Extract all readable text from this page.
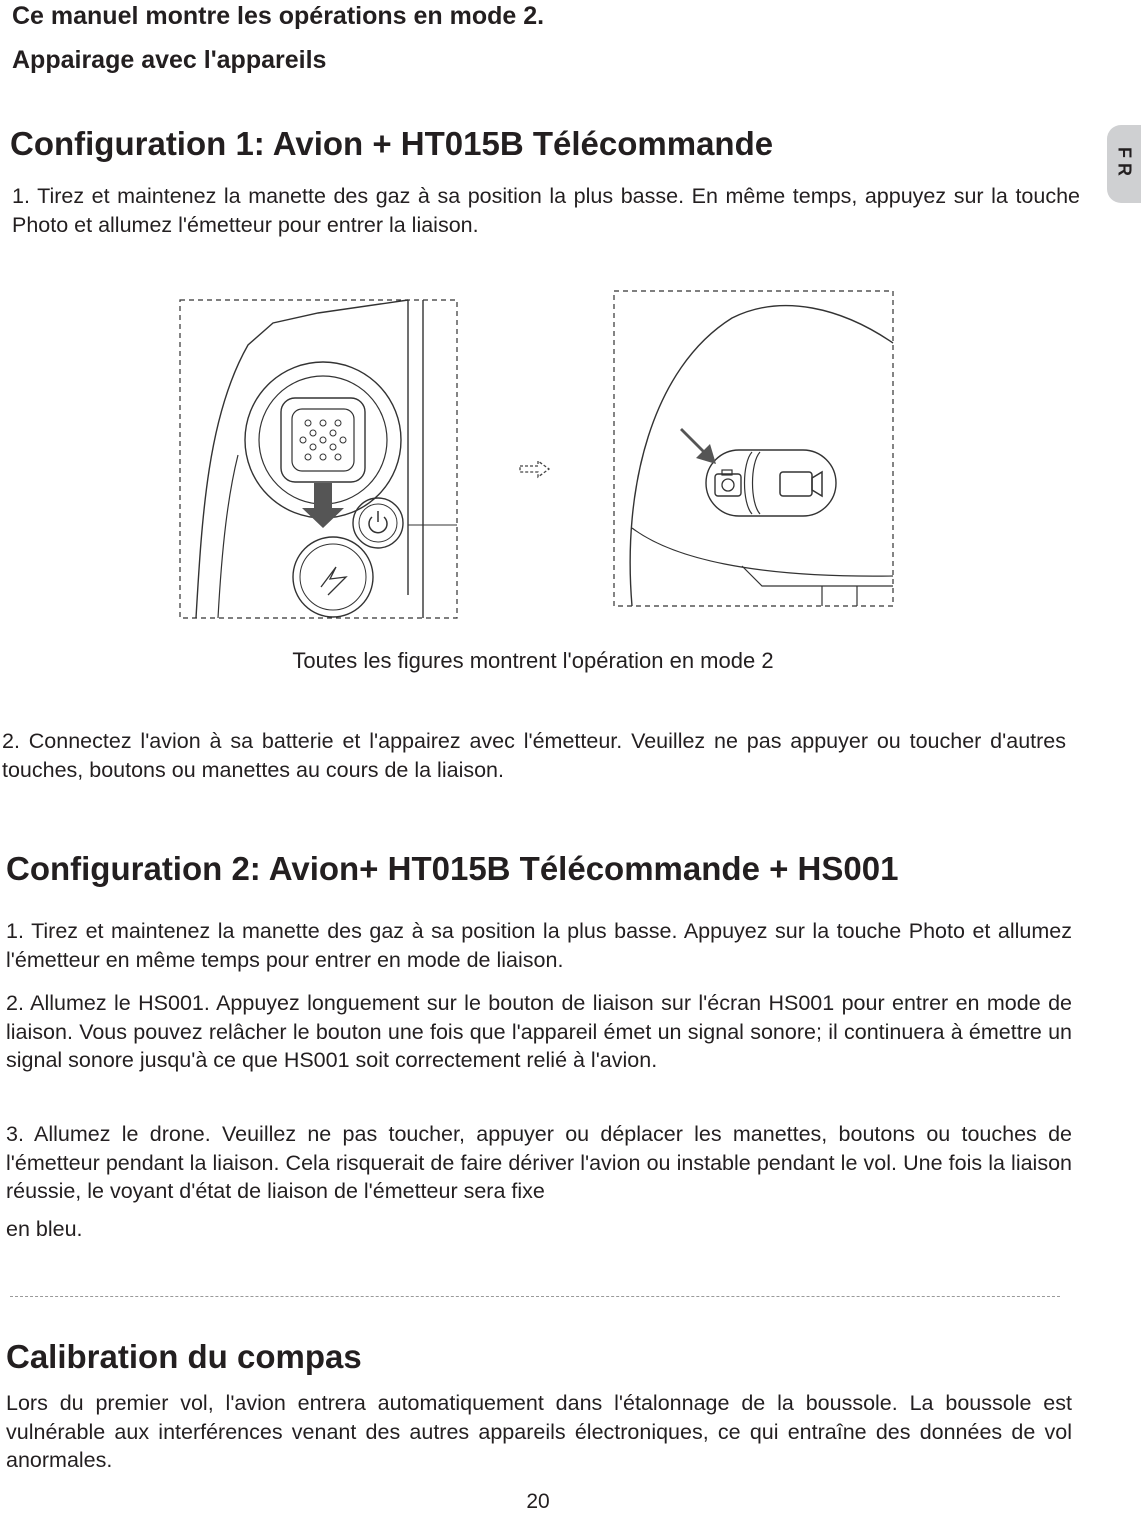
FR

Ce manuel montre les opérations en mode 2.

Appairage avec l'appareils

Configuration 1: Avion + HT015B Télécommande

1. Tirez et maintenez la manette des gaz à sa position la plus basse. En même temps, appuyez sur la touche Photo et allumez l'émetteur pour entrer la liaison.

Toutes les figures montrent l'opération en mode 2

2. Connectez l'avion à sa batterie et l'appairez avec l'émetteur. Veuillez ne pas appuyer ou toucher d'autres touches, boutons ou manettes au cours de la liaison.

Configuration 2: Avion+ HT015B Télécommande + HS001

1. Tirez et maintenez la manette des gaz à sa position la plus basse. Appuyez sur la touche Photo et allumez l'émetteur en même temps pour entrer en mode de liaison.

2. Allumez le HS001. Appuyez longuement sur le bouton de liaison sur l'écran HS001 pour entrer en mode de liaison. Vous pouvez relâcher le bouton une fois que l'appareil émet un signal sonore; il continuera à émettre un signal sonore jusqu'à ce que HS001 soit correctement relié à l'avion.

3. Allumez le drone. Veuillez ne pas toucher, appuyer ou déplacer les manettes, boutons ou touches de l'émetteur pendant la liaison. Cela risquerait de faire dériver l'avion ou instable pendant le vol. Une fois la liaison réussie, le voyant d'état de liaison de l'émetteur sera fixe

en bleu.

Calibration du compas

Lors du premier vol, l'avion entrera automatiquement dans l'étalonnage de la boussole. La boussole est vulnérable aux interférences venant des autres appareils électroniques, ce qui entraîne des données de vol anormales.

20
